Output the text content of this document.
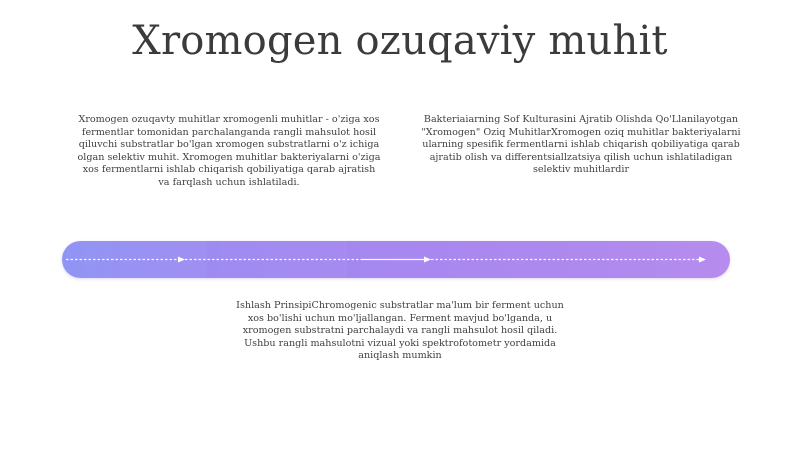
Xromogen ozuqaviy muhit

Xromogen ozuqavty muhitlar xromogenli muhitlar - o'ziga xos fermentlar tomonidan parchalanganda rangli mahsulot hosil qiluvchi substratlar bo'lgan xromogen substratlarni o'z ichiga olgan selektiv muhit. Xromogen muhitlar bakteriyalarni o'ziga xos fermentlarni ishlab chiqarish qobiliyatiga qarab ajratish va farqlash uchun ishlatiladi.

Bakteriaiarning Sof Kulturasini Ajratib Olishda Qo'Llanilayotgan "Xromogen" Oziq MuhitlarXromogen oziq muhitlar bakteriyalarni ularning spesifik fermentlarni ishlab chiqarish qobiliyatiga qarab ajratib olish va differentsiallzatsiya qilish uchun ishlatiladigan selektiv muhitlardir

Ishlash PrinsipiChromogenic substratlar ma'lum bir ferment uchun xos bo'lishi uchun mo'ljallangan. Ferment mavjud bo'lganda, u xromogen substratni parchalaydi va rangli mahsulot hosil qiladi. Ushbu rangli mahsulotni vizual yoki spektrofotometr yordamida aniqlash mumkin
